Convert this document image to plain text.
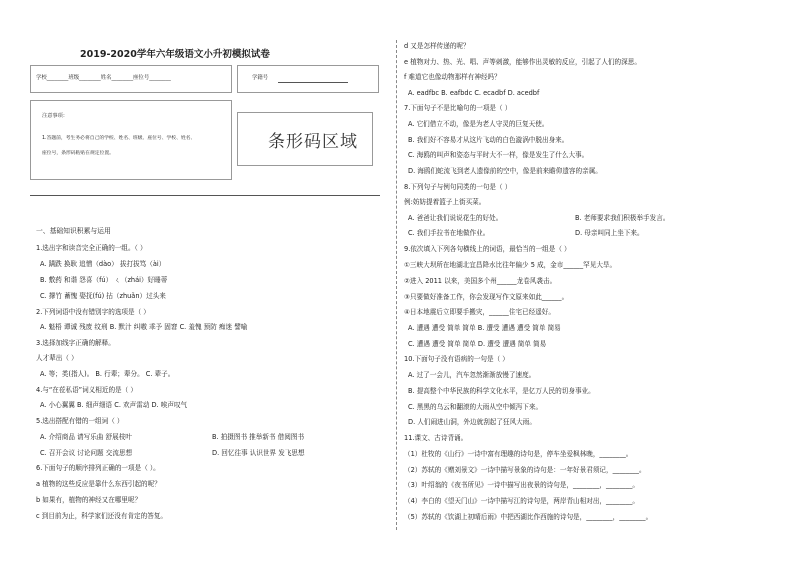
2019-2020学年六年级语文小升初模拟试卷
学校________班级________姓名________座位号________	学籍号
注意事项：
1.答题前，考生务必将自己的学校、姓名、班级、座位号、学校、姓名、
座位号，条形码粘贴在规定位置。
条形码区域
一、基础知识积累与运用
1.选出字和读音完全正确的一组。（ ）
A. 蹒跌 换耿 追憎（dào） 拔打拔笃（ài）
B. 敷药 和谐 怨喜（fú） ㄑ（zhái）好睡蒂
C. 撑竹 蓄愧 娶抚(fú) 拈（zhuǎn）过头来
2.下列词语中没有错别字的选项是（ ）
A. 魁梧 谭诚 残废 纹刑 B. 默汁 纠嗷 乖予 固窘 C. 羞愧 预防 痴迷 譬喻
3.选择加线字正确的解释。
人才辈出（ ）
A. 等；类(指人)。 B. 行辈；辈分。 C. 辈子。
4.与“在莅私语”词义相近的是（ ）
A. 小心翼翼 B. 细声细语 C. 欢声雷动 D. 唉声叹气
5.选出搭配有错的一组词（ ）
A. 介绍商品 请写乐曲 舒展枝叶	B. 拍摄图书 推举新书 借阅图书
C. 召开会议 讨论问题 交流思想	D. 回忆往事 认识世界 发飞思想
6.下面句子的顺序排列正确的一项是（ ）。
a 植物的这些反应是靠什么东西引起的呢？
b 如果有，植物的神经又在哪里呢？
c 到目前为止，科学家们还没有肯定的答复。
d 又是怎样传递的呢？
e 植物对力、热、光、唱、声等刺激，能够作出灵敏的反应，引起了人们的深思。
f 难道它也像动物那样有神经吗？
A. eadfbc B. eafbdc C. ecadbf D. acedbf
7.下面句子不是比喻句的一项是（ ）
A. 它们借立不动，像是为老人守灵的巨复天使。
B. 我们好不容易才从这片飞动的白色漩涡中脱出身来。
C. 海鸥的叫声和姿态与平时大不一样，像是发生了什么大事。
D. 海鸥们蛇流飞到老人遗像前的空中，像是前来瞻仰遗容的亲属。
8.下列句子与例句同类的一句是（ ）
例:妨妨提着篮子上街买菜。
A. 爸爸让我们说说花生的好处。	B. 老师要求我们积极举手发言。
C. 我们手拉书在地做作业。	D. 母亲叫同上坐下来。
9.依次填入下列各句横线上的词语，最恰当的一组是（ ）
①三峡大坝所在地湖北宜昌降水比往年偏少 5 成，金市______罕见大旱。
②进入 2011 以来，美国多个州______龙卷风袭击。
③只要做好准备工作，你会发现写作文原来如此______。
④日本地震后立即要手搬灾，______住宅已经遥好。
A. 遭遇 遭受 简单 简单 B. 遭受 遭遇 遭受 简单 简易
C. 遭遇 遭受 简单 简单 D. 遭受 遭遇 简单 简易
10.下面句子没有语病的一句是（ ）
A. 过了一会儿，汽车忽然渐渐放慢了速度。
B. 提高整个中华民族的科学文化水平，是亿万人民的切身事业。
C. 黑黑的乌云和翻滚的大雨从空中倾泻下来。
D. 人们闹进山洞，外边就刮起了狂风大雨。
11.课文、古诗背诵。
（1）杜牧的《山行》一诗中富有理趣的诗句是，停车坐爱枫林晚，________。
（2）苏轼的《赠刘景文》一诗中描写景象的诗句是：一年好景君须记，________。
（3）叶绍翁的《夜书所见》一诗中描写出夜景的诗句是，________，________。
（4）李白的《望天门山》一诗中描写江的诗句是，两岸青山相对出，________。
（5）苏轼的《饮湖上初晴后雨》中把西湖比作西施的诗句是，________，________。
